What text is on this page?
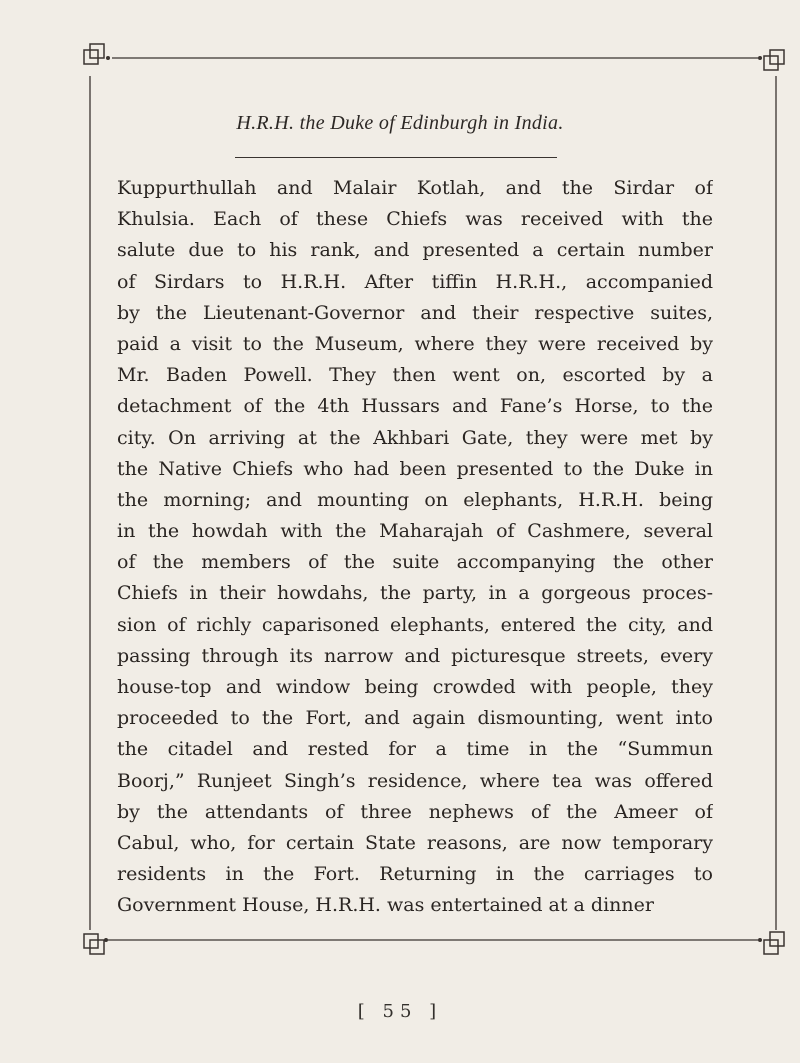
H.R.H. the Duke of Edinburgh in India.
Kuppurthullah and Malair Kotlah, and the Sirdar of
Khulsia. Each of these Chiefs was received with the
salute due to his rank, and presented a certain number
of Sirdars to H.R.H. After tiffin H.R.H., accompanied
by the Lieutenant-Governor and their respective suites,
paid a visit to the Museum, where they were received by
Mr. Baden Powell. They then went on, escorted by a
detachment of the 4th Hussars and Fane’s Horse, to the
city. On arriving at the Akhbari Gate, they were met by
the Native Chiefs who had been presented to the Duke in
the morning; and mounting on elephants, H.R.H. being
in the howdah with the Maharajah of Cashmere, several
of the members of the suite accompanying the other
Chiefs in their howdahs, the party, in a gorgeous proces-
sion of richly caparisoned elephants, entered the city, and
passing through its narrow and picturesque streets, every
house-top and window being crowded with people, they
proceeded to the Fort, and again dismounting, went into
the citadel and rested for a time in the “Summun
Boorj,” Runjeet Singh’s residence, where tea was offered
by the attendants of three nephews of the Ameer of
Cabul, who, for certain State reasons, are now temporary
residents in the Fort. Returning in the carriages to
Government House, H.R.H. was entertained at a dinner
[ 55 ]
